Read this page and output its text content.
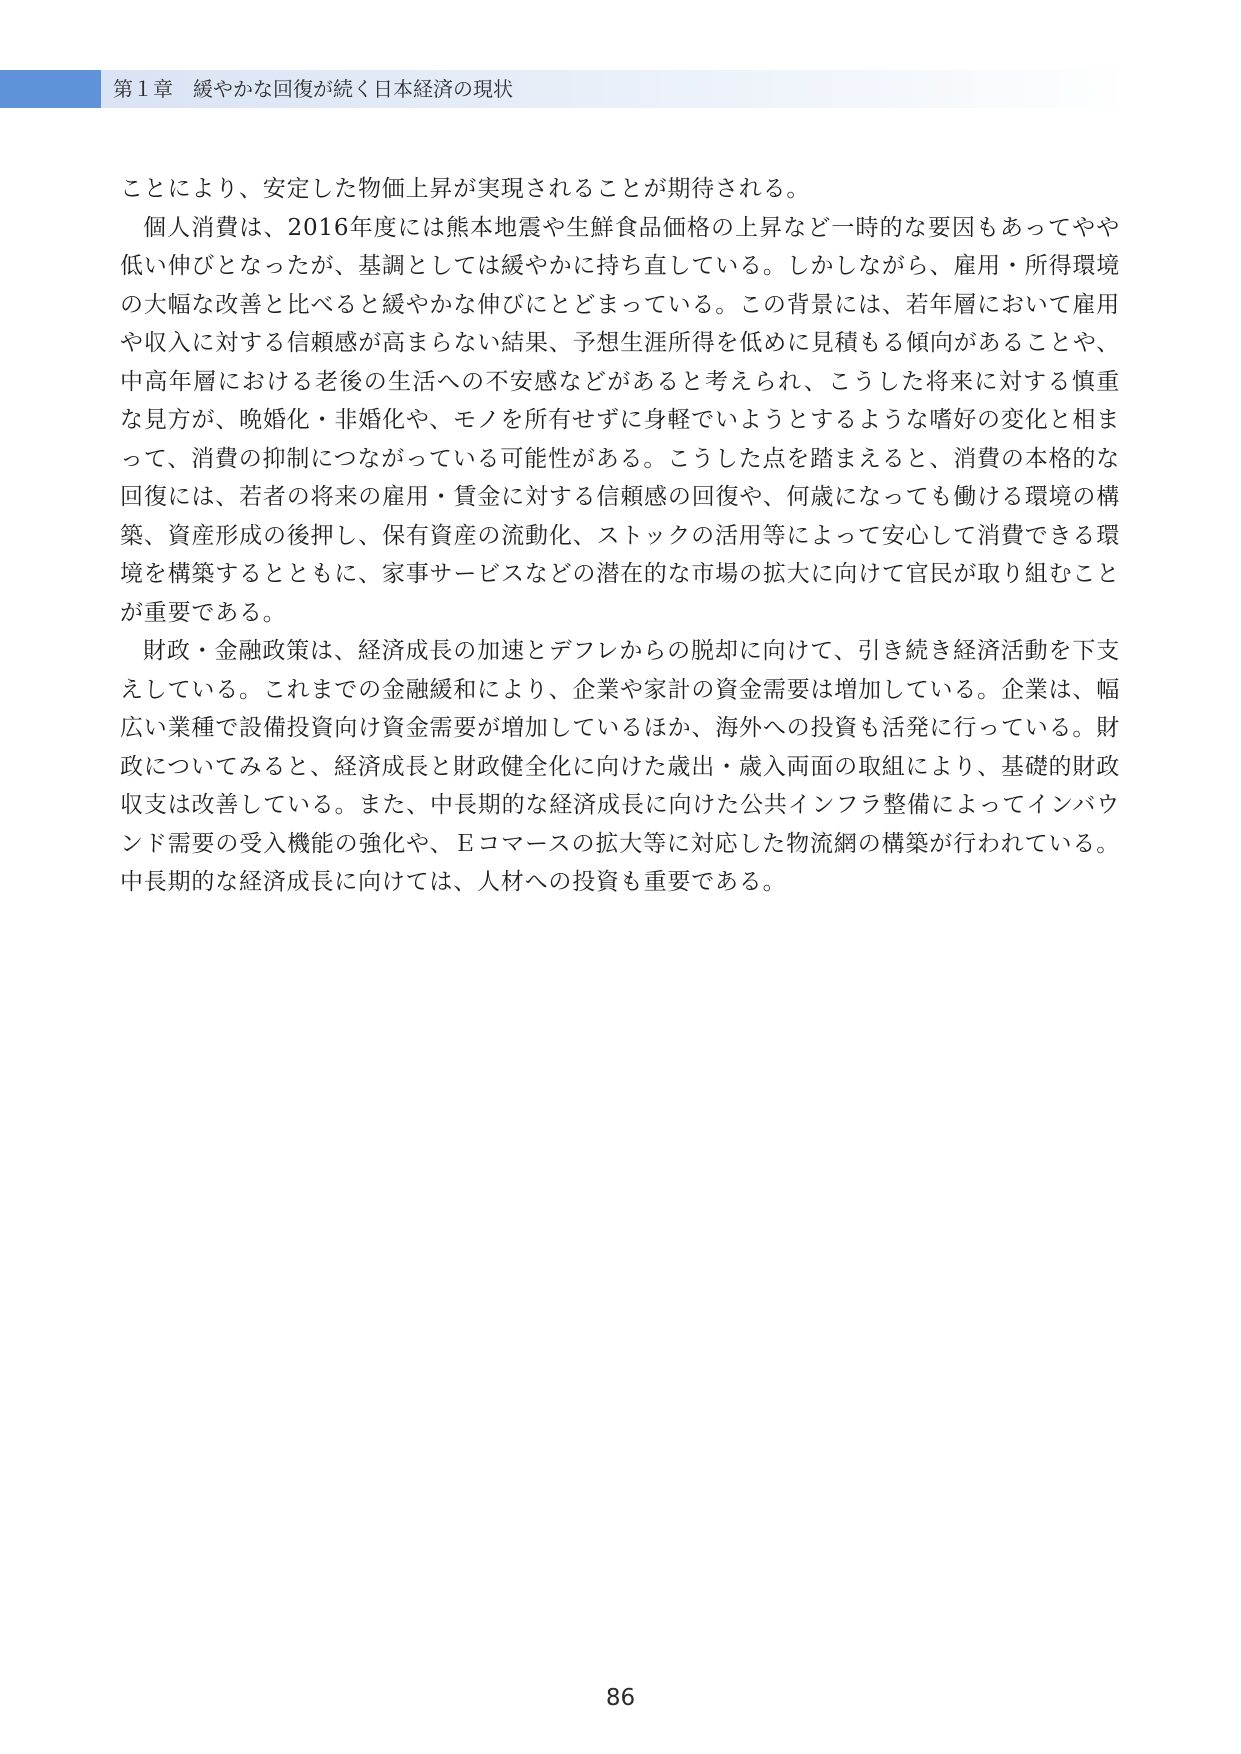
第１章　緩やかな回復が続く日本経済の現状

ことにより、安定した物価上昇が実現されることが期待される。

個人消費は、2016年度には熊本地震や生鮮食品価格の上昇など一時的な要因もあってやや低い伸びとなったが、基調としては緩やかに持ち直している。しかしながら、雇用・所得環境の大幅な改善と比べると緩やかな伸びにとどまっている。この背景には、若年層において雇用や収入に対する信頼感が高まらない結果、予想生涯所得を低めに見積もる傾向があることや、中高年層における老後の生活への不安感などがあると考えられ、こうした将来に対する慎重な見方が、晩婚化・非婚化や、モノを所有せずに身軽でいようとするような嗜好の変化と相まって、消費の抑制につながっている可能性がある。こうした点を踏まえると、消費の本格的な回復には、若者の将来の雇用・賃金に対する信頼感の回復や、何歳になっても働ける環境の構築、資産形成の後押し、保有資産の流動化、ストックの活用等によって安心して消費できる環境を構築するとともに、家事サービスなどの潜在的な市場の拡大に向けて官民が取り組むことが重要である。

財政・金融政策は、経済成長の加速とデフレからの脱却に向けて、引き続き経済活動を下支えしている。これまでの金融緩和により、企業や家計の資金需要は増加している。企業は、幅広い業種で設備投資向け資金需要が増加しているほか、海外への投資も活発に行っている。財政についてみると、経済成長と財政健全化に向けた歳出・歳入両面の取組により、基礎的財政収支は改善している。また、中長期的な経済成長に向けた公共インフラ整備によってインバウンド需要の受入機能の強化や、Ｅコマースの拡大等に対応した物流網の構築が行われている。中長期的な経済成長に向けては、人材への投資も重要である。

86
